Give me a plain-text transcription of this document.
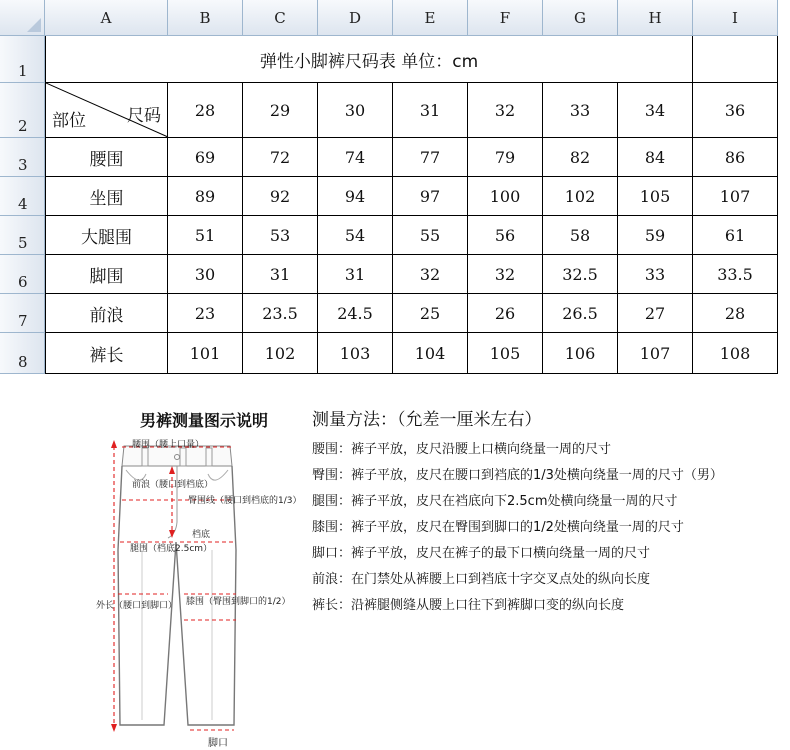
A	B	C	D	E	F	G	H	I
1
2
3
4
5
6
7
8
弹性小脚裤尺码表 单位：cm
部位 尺码	28	29	30	31	32	33	34	36
腰围	69	72	74	77	79	82	84	86
坐围	89	92	94	97	100	102	105	107
大腿围	51	53	54	55	56	58	59	61
脚围	30	31	31	32	32	32.5	33	33.5
前浪	23	23.5	24.5	25	26	26.5	27	28
裤长	101	102	103	104	105	106	107	108
男裤测量图示说明
腰围（腰上口量）
前浪（腰口到档底）
臀围线（腰口到档底的1/3）
档底
腿围（档底2.5cm）
外长（腰口到脚口） 膝围（臀围到脚口的1/2）
脚口
测量方法：（允差一厘米左右）
腰围：裤子平放，皮尺沿腰上口横向绕量一周的尺寸
臀围：裤子平放，皮尺在腰口到裆底的1/3处横向绕量一周的尺寸（男）
腿围：裤子平放，皮尺在裆底向下2.5cm处横向绕量一周的尺寸
膝围：裤子平放，皮尺在臀围到脚口的1/2处横向绕量一周的尺寸
脚口：裤子平放，皮尺在裤子的最下口横向绕量一周的尺寸
前浪：在门禁处从裤腰上口到裆底十字交叉点处的纵向长度
裤长：沿裤腿侧缝从腰上口往下到裤脚口变的纵向长度
